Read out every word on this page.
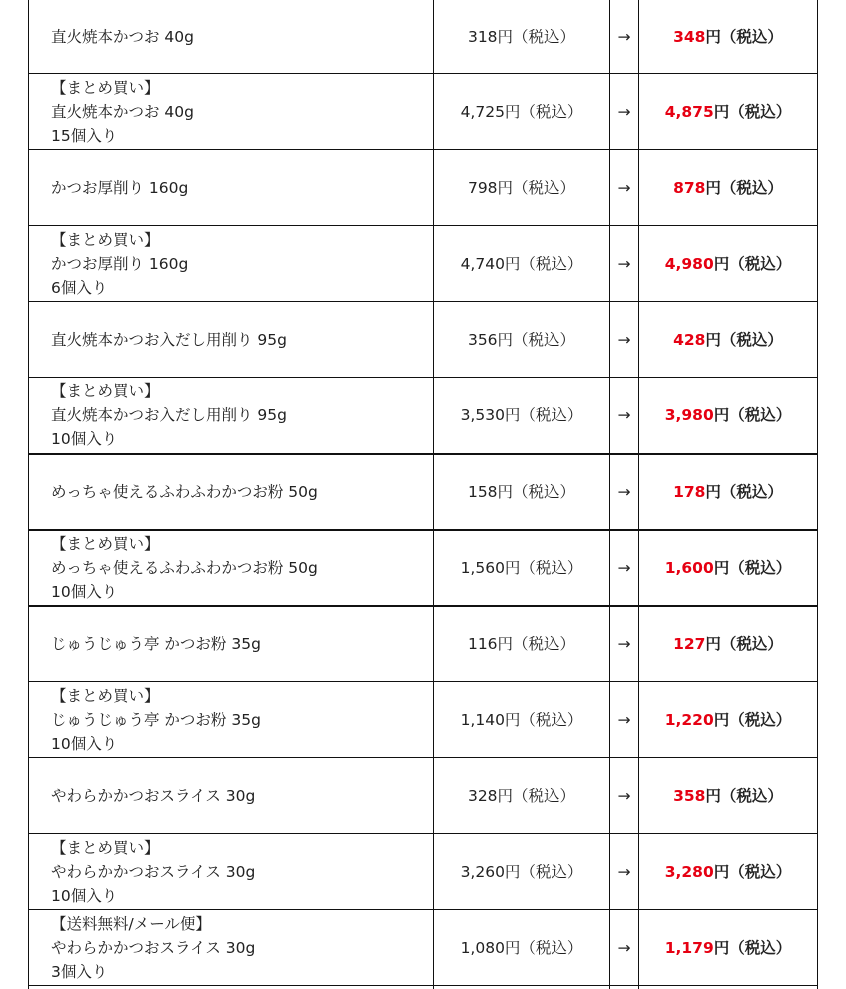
直火焼本かつお 40g	318円（税込）	→	348円（税込）

【まとめ買い】
直火焼本かつお 40g
15個入り	4,725円（税込）	→	4,875円（税込）

かつお厚削り 160g	798円（税込）	→	878円（税込）

【まとめ買い】
かつお厚削り 160g
6個入り	4,740円（税込）	→	4,980円（税込）

直火焼本かつお入だし用削り 95g	356円（税込）	→	428円（税込）

【まとめ買い】
直火焼本かつお入だし用削り 95g
10個入り	3,530円（税込）	→	3,980円（税込）

めっちゃ使えるふわふわかつお粉 50g	158円（税込）	→	178円（税込）

【まとめ買い】
めっちゃ使えるふわふわかつお粉 50g
10個入り	1,560円（税込）	→	1,600円（税込）

じゅうじゅう亭 かつお粉 35g	116円（税込）	→	127円（税込）

【まとめ買い】
じゅうじゅう亭 かつお粉 35g
10個入り	1,140円（税込）	→	1,220円（税込）

やわらかかつおスライス 30g	328円（税込）	→	358円（税込）

【まとめ買い】
やわらかかつおスライス 30g
10個入り	3,260円（税込）	→	3,280円（税込）

【送料無料/メール便】
やわらかかつおスライス 30g
3個入り	1,080円（税込）	→	1,179円（税込）
